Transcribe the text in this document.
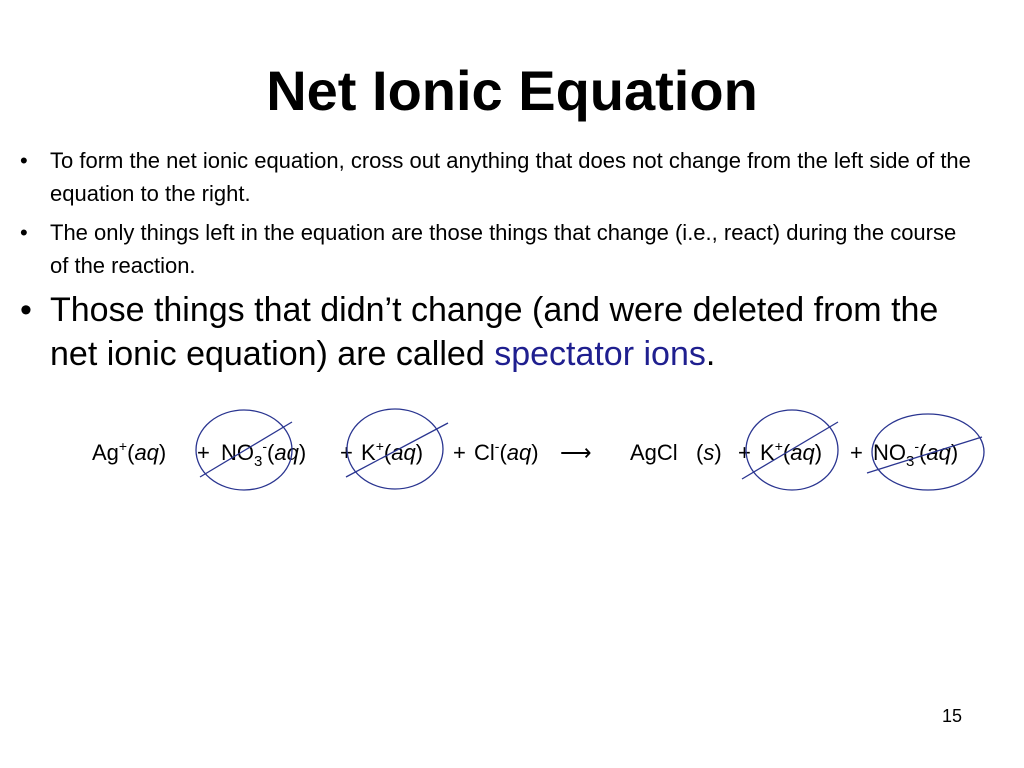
Net Ionic Equation
•	To form the net ionic equation, cross out anything that does not change from the left side of the equation to the right.
•	The only things left in the equation are those things that change (i.e., react) during the course of the reaction.
• Those things that didn’t change (and were deleted from the net ionic equation) are called spectator ions.
$Ag^+(aq) + NO_3^-(aq) + K^+(aq) + Cl^-(aq)$ ⟶ AgCl $(s) + K^+(aq) + NO_3^-(aq)$
15
